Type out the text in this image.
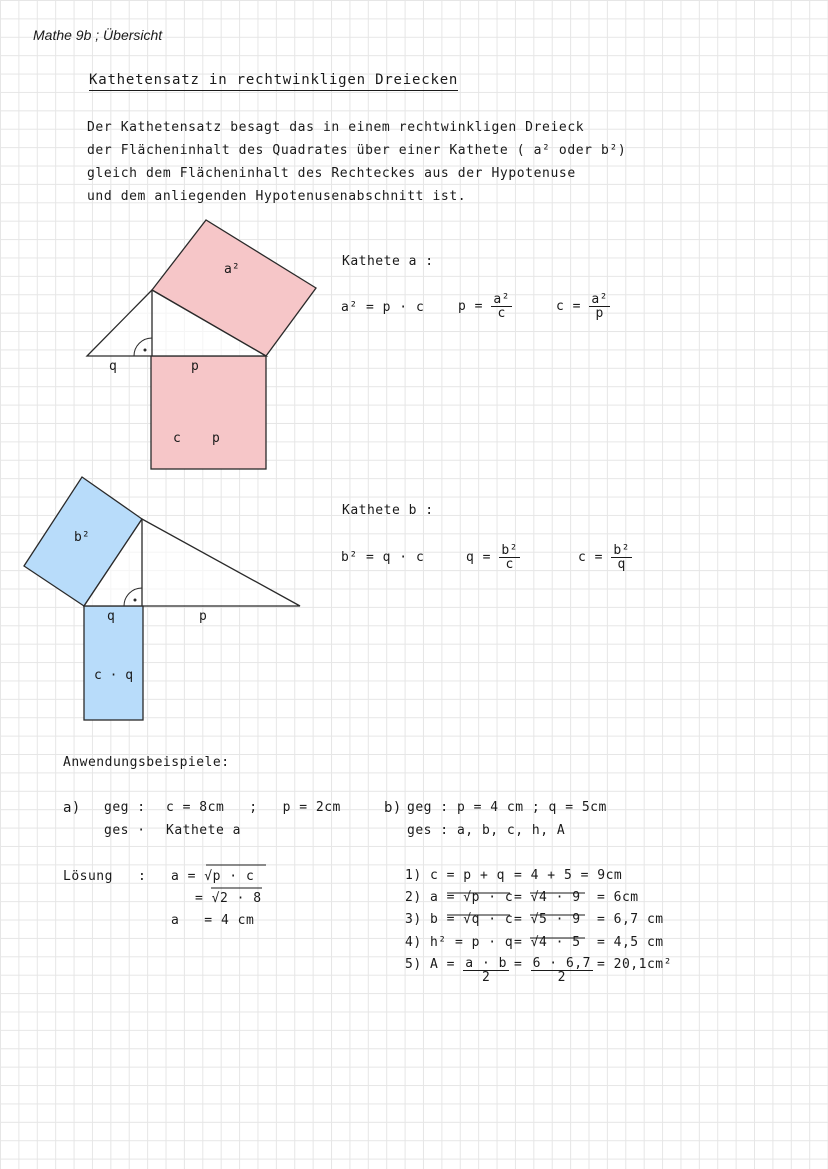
Mathe 9b ; Übersicht
Kathetensatz in rechtwinkligen Dreiecken
Der Kathetensatz besagt das in einem rechtwinkligen Dreieck
der Flächeninhalt des Quadrates über einer Kathete ( a² oder b²)
gleich dem Flächeninhalt des Rechteckes aus der Hypotenuse
und dem anliegenden Hypotenusenabschnitt ist.
a²
q	p
c p
b²
q	p
c · q
Kathete a :
a² = p · c	$p = \frac{\text{a²}}{c}$	$c = \frac{\text{a²}}{p}$
Kathete b :
b² = q · c	$q = \frac{\text{b²}}{c}$	$c = \frac{\text{b²}}{q}$
Anwendungsbeispiele:
a) geg : c = 8cm   ;   p = 2cm
ges · Kathete a
Lösung   : a = √p · c
= √2 · 8
a   = 4 cm
b) geg : p = 4 cm ; q = 5cm
ges : a, b, c, h, A
1) c = p + q = 4 + 5 = 9cm
2) a = √p · c = √4 · 9 = 6cm
3) b = √q · c = √5 · 9 = 6,7 cm
4) h² = p · q = √4 · 5 = 4,5 cm
5) $A = \frac{a \cdot b}{2} = \frac{6 \cdot 6,7}{2} = 20,1cm^2$
